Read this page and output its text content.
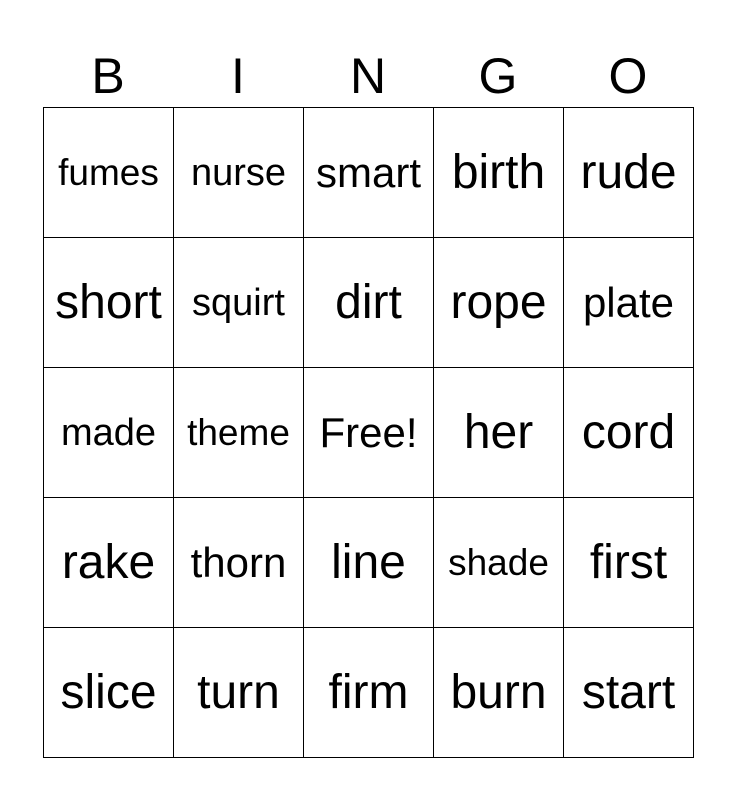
B	I	N	G	O
fumes nurse smart birth rude
short squirt dirt rope plate
made theme Free! her cord
rake thorn line shade first
slice turn firm burn start
